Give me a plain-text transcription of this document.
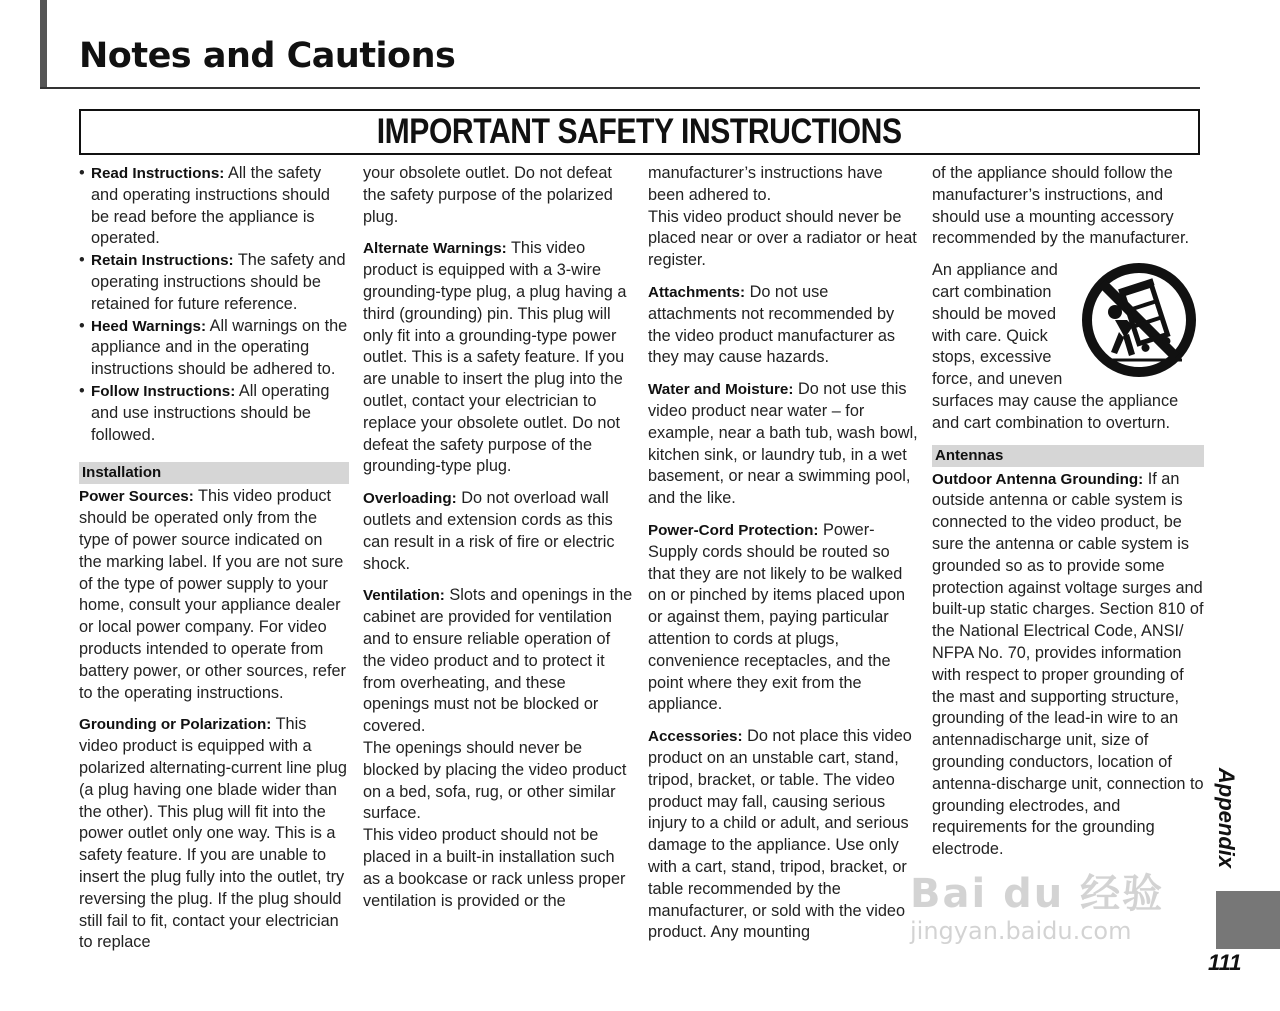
Notes and Cautions
IMPORTANT SAFETY INSTRUCTIONS
• Read Instructions: All the safety and operating instructions should be read before the appliance is operated.
• Retain Instructions: The safety and operating instructions should be retained for future reference.
• Heed Warnings: All warnings on the appliance and in the operating instructions should be adhered to.
• Follow Instructions: All operating and use instructions should be followed.
Installation

Power Sources: This video product should be operated only from the type of power source indicated on the marking label. If you are not sure of the type of power supply to your home, consult your appliance dealer or local power company. For video products intended to operate from battery power, or other sources, refer to the operating instructions.

Grounding or Polarization: This video product is equipped with a polarized alternating-current line plug (a plug having one blade wider than the other). This plug will fit into the power outlet only one way. This is a safety feature. If you are unable to insert the plug fully into the outlet, try reversing the plug. If the plug should still fail to fit, contact your electrician to replace

your obsolete outlet. Do not defeat the safety purpose of the polarized plug.

Alternate Warnings: This video product is equipped with a 3-wire grounding-type plug, a plug having a third (grounding) pin. This plug will only fit into a grounding-type power outlet. This is a safety feature. If you are unable to insert the plug into the outlet, contact your electrician to replace your obsolete outlet. Do not defeat the safety purpose of the grounding-type plug.

Overloading: Do not overload wall outlets and extension cords as this can result in a risk of fire or electric shock.

Ventilation: Slots and openings in the cabinet are provided for ventilation and to ensure reliable operation of the video product and to protect it from overheating, and these openings must not be blocked or covered.

The openings should never be blocked by placing the video product on a bed, sofa, rug, or other similar surface.

This video product should not be placed in a built-in installation such as a bookcase or rack unless proper ventilation is provided or the

manufacturer’s instructions have been adhered to.

This video product should never be placed near or over a radiator or heat register.

Attachments: Do not use attachments not recommended by the video product manufacturer as they may cause hazards.

Water and Moisture: Do not use this video product near water – for example, near a bath tub, wash bowl, kitchen sink, or laundry tub, in a wet basement, or near a swimming pool, and the like.

Power-Cord Protection: Power-Supply cords should be routed so that they are not likely to be walked on or pinched by items placed upon or against them, paying particular attention to cords at plugs, convenience receptacles, and the point where they exit from the appliance.

Accessories: Do not place this video product on an unstable cart, stand, tripod, bracket, or table. The video product may fall, causing serious injury to a child or adult, and serious damage to the appliance. Use only with a cart, stand, tripod, bracket, or table recommended by the manufacturer, or sold with the video product. Any mounting

of the appliance should follow the manufacturer’s instructions, and should use a mounting accessory recommended by the manufacturer.

An appliance and cart combination should be moved with care. Quick stops, excessive force, and uneven surfaces may cause the appliance and cart combination to overturn.
Antennas

Outdoor Antenna Grounding: If an outside antenna or cable system is connected to the video product, be sure the antenna or cable system is grounded so as to provide some protection against voltage surges and built-up static charges. Section 810 of the National Electrical Code, ANSI/ NFPA No. 70, provides information with respect to proper grounding of the mast and supporting structure, grounding of the lead-in wire to an antennadischarge unit, size of grounding conductors, location of antenna-discharge unit, connection to grounding electrodes, and requirements for the grounding electrode.	Appendix
111
Bai du 经验
jingyan.baidu.com
